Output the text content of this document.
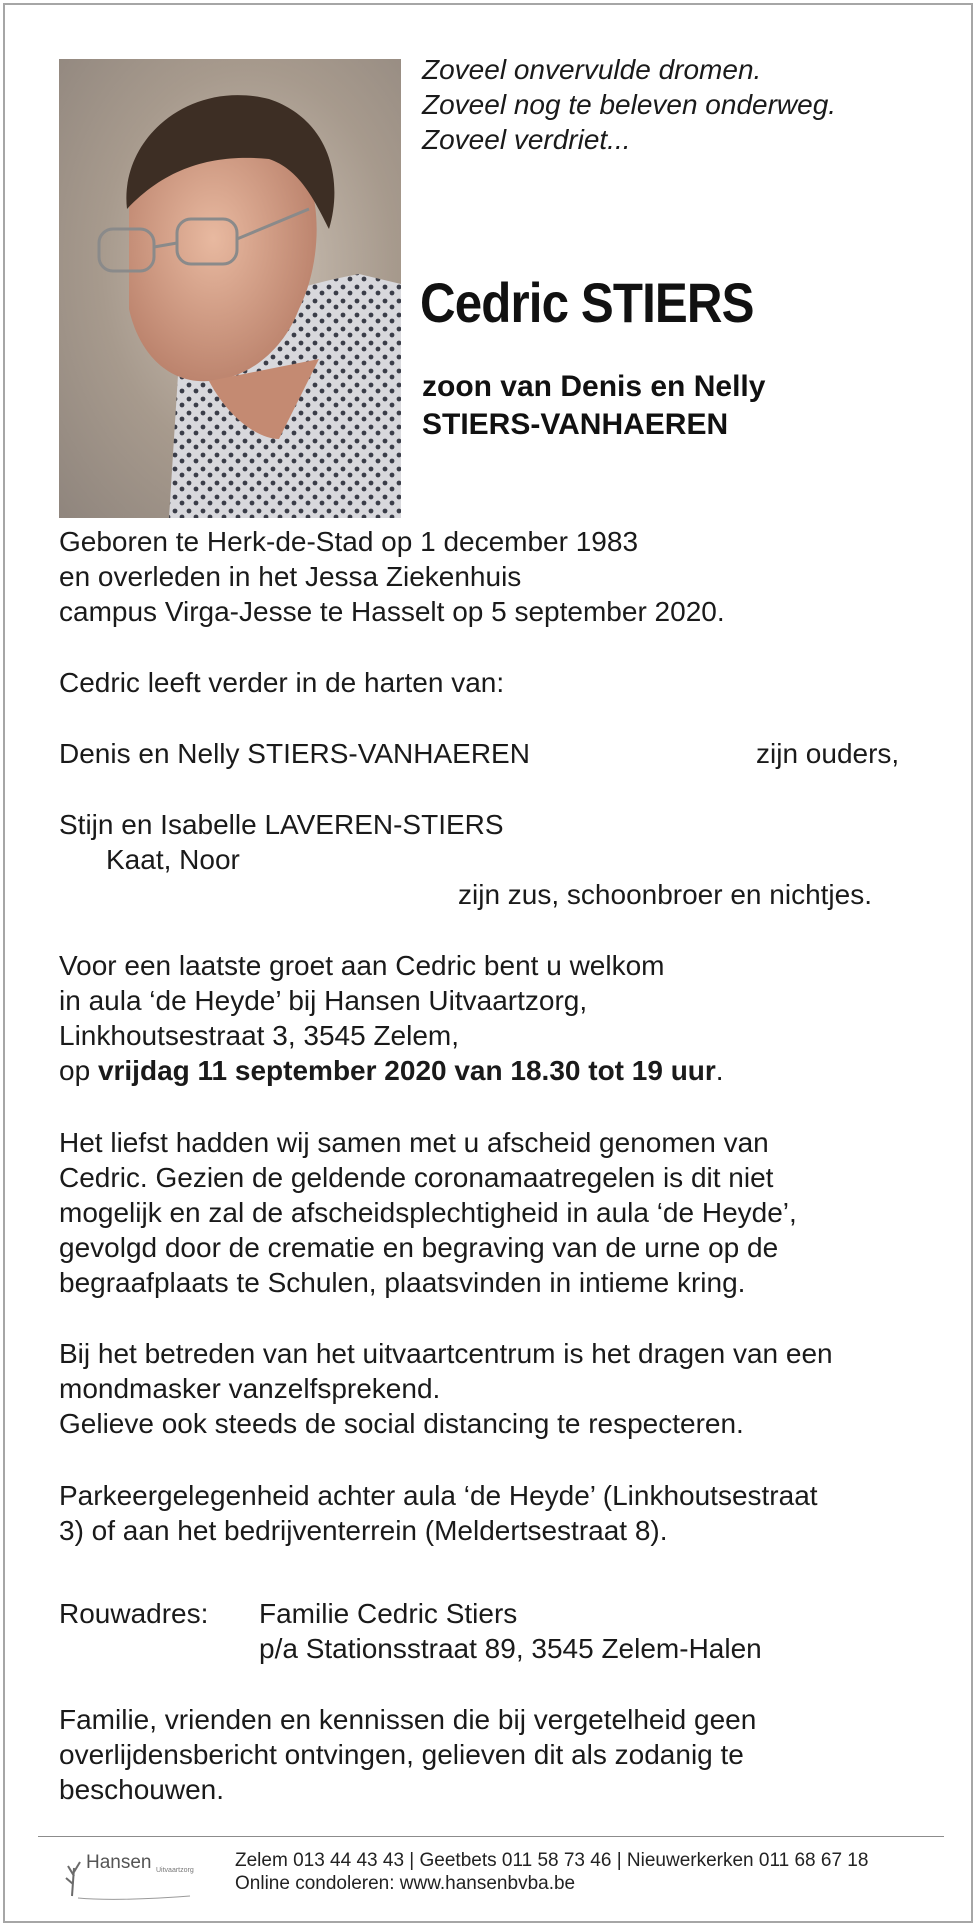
Zoveel onvervulde dromen.
Zoveel nog te beleven onderweg.
Zoveel verdriet...
Cedric STIERS
zoon van Denis en Nelly
STIERS-VANHAEREN
Geboren te Herk-de-Stad op 1 december 1983
en overleden in het Jessa Ziekenhuis
campus Virga-Jesse te Hasselt op 5 september 2020.
Cedric leeft verder in de harten van:
Denis en Nelly STIERS-VANHAEREN	zijn ouders,
Stijn en Isabelle LAVEREN-STIERS
Kaat, Noor
zijn zus, schoonbroer en nichtjes.
Voor een laatste groet aan Cedric bent u welkom
in aula ‘de Heyde’ bij Hansen Uitvaartzorg,
Linkhoutsestraat 3, 3545 Zelem,
op vrijdag 11 september 2020 van 18.30 tot 19 uur.
Het liefst hadden wij samen met u afscheid genomen van
Cedric. Gezien de geldende coronamaatregelen is dit niet
mogelijk en zal de afscheidsplechtigheid in aula ‘de Heyde’,
gevolgd door de crematie en begraving van de urne op de
begraafplaats te Schulen, plaatsvinden in intieme kring.
Bij het betreden van het uitvaartcentrum is het dragen van een
mondmasker vanzelfsprekend.
Gelieve ook steeds de social distancing te respecteren.
Parkeergelegenheid achter aula ‘de Heyde’ (Linkhoutsestraat
3) of aan het bedrijventerrein (Meldertsestraat 8).
Rouwadres: Familie Cedric Stiers
p/a Stationsstraat 89, 3545 Zelem-Halen
Familie, vrienden en kennissen die bij vergetelheid geen
overlijdensbericht ontvingen, gelieven dit als zodanig te
beschouwen.
Hansen Uitvaartzorg Zelem 013 44 43 43 | Geetbets 011 58 73 46 | Nieuwerkerken 011 68 67 18
Online condoleren: www.hansenbvba.be
